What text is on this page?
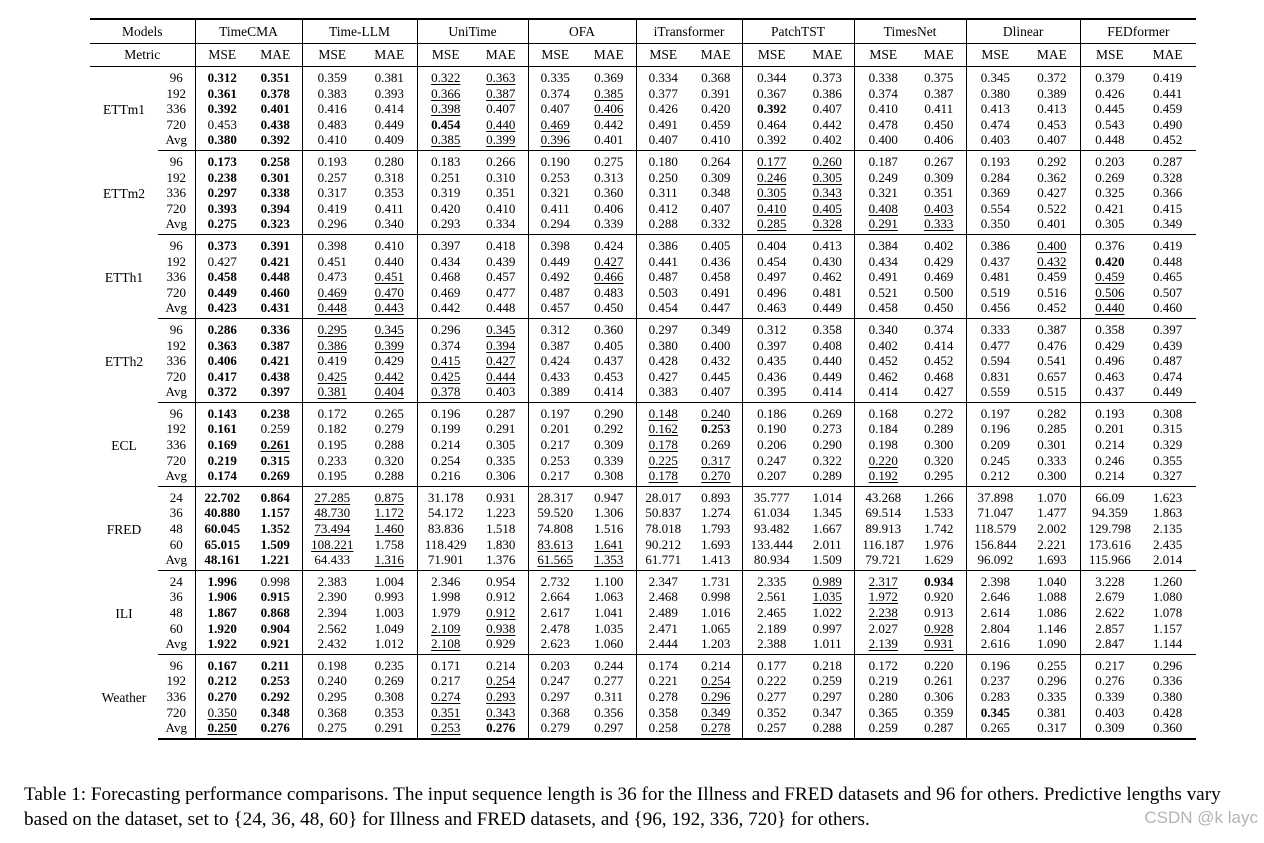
Models		TimeCMA		Time-LLM		UniTime		OFA		iTransformer		PatchTST		TimesNet		Dlinear		FEDformer	
Metric		MSE	MAE	MSE	MAE	MSE	MAE	MSE	MAE	MSE	MAE	MSE	MAE	MSE	MAE	MSE	MAE	MSE	MAE
ETTm1	96	0.312	0.351	0.359	0.381	0.322	0.363	0.335	0.369	0.334	0.368	0.344	0.373	0.338	0.375	0.345	0.372	0.379	0.419
	192	0.361	0.378	0.383	0.393	0.366	0.387	0.374	0.385	0.377	0.391	0.367	0.386	0.374	0.387	0.380	0.389	0.426	0.441
	336	0.392	0.401	0.416	0.414	0.398	0.407	0.407	0.406	0.426	0.420	0.392	0.407	0.410	0.411	0.413	0.413	0.445	0.459
	720	0.453	0.438	0.483	0.449	0.454	0.440	0.469	0.442	0.491	0.459	0.464	0.442	0.478	0.450	0.474	0.453	0.543	0.490
	Avg	0.380	0.392	0.410	0.409	0.385	0.399	0.396	0.401	0.407	0.410	0.392	0.402	0.400	0.406	0.403	0.407	0.448	0.452
ETTm2	96	0.173	0.258	0.193	0.280	0.183	0.266	0.190	0.275	0.180	0.264	0.177	0.260	0.187	0.267	0.193	0.292	0.203	0.287
	192	0.238	0.301	0.257	0.318	0.251	0.310	0.253	0.313	0.250	0.309	0.246	0.305	0.249	0.309	0.284	0.362	0.269	0.328
	336	0.297	0.338	0.317	0.353	0.319	0.351	0.321	0.360	0.311	0.348	0.305	0.343	0.321	0.351	0.369	0.427	0.325	0.366
	720	0.393	0.394	0.419	0.411	0.420	0.410	0.411	0.406	0.412	0.407	0.410	0.405	0.408	0.403	0.554	0.522	0.421	0.415
	Avg	0.275	0.323	0.296	0.340	0.293	0.334	0.294	0.339	0.288	0.332	0.285	0.328	0.291	0.333	0.350	0.401	0.305	0.349
ETTh1	96	0.373	0.391	0.398	0.410	0.397	0.418	0.398	0.424	0.386	0.405	0.404	0.413	0.384	0.402	0.386	0.400	0.376	0.419
	192	0.427	0.421	0.451	0.440	0.434	0.439	0.449	0.427	0.441	0.436	0.454	0.430	0.434	0.429	0.437	0.432	0.420	0.448
	336	0.458	0.448	0.473	0.451	0.468	0.457	0.492	0.466	0.487	0.458	0.497	0.462	0.491	0.469	0.481	0.459	0.459	0.465
	720	0.449	0.460	0.469	0.470	0.469	0.477	0.487	0.483	0.503	0.491	0.496	0.481	0.521	0.500	0.519	0.516	0.506	0.507
	Avg	0.423	0.431	0.448	0.443	0.442	0.448	0.457	0.450	0.454	0.447	0.463	0.449	0.458	0.450	0.456	0.452	0.440	0.460
ETTh2	96	0.286	0.336	0.295	0.345	0.296	0.345	0.312	0.360	0.297	0.349	0.312	0.358	0.340	0.374	0.333	0.387	0.358	0.397
	192	0.363	0.387	0.386	0.399	0.374	0.394	0.387	0.405	0.380	0.400	0.397	0.408	0.402	0.414	0.477	0.476	0.429	0.439
	336	0.406	0.421	0.419	0.429	0.415	0.427	0.424	0.437	0.428	0.432	0.435	0.440	0.452	0.452	0.594	0.541	0.496	0.487
	720	0.417	0.438	0.425	0.442	0.425	0.444	0.433	0.453	0.427	0.445	0.436	0.449	0.462	0.468	0.831	0.657	0.463	0.474
	Avg	0.372	0.397	0.381	0.404	0.378	0.403	0.389	0.414	0.383	0.407	0.395	0.414	0.414	0.427	0.559	0.515	0.437	0.449
ECL	96	0.143	0.238	0.172	0.265	0.196	0.287	0.197	0.290	0.148	0.240	0.186	0.269	0.168	0.272	0.197	0.282	0.193	0.308
	192	0.161	0.259	0.182	0.279	0.199	0.291	0.201	0.292	0.162	0.253	0.190	0.273	0.184	0.289	0.196	0.285	0.201	0.315
	336	0.169	0.261	0.195	0.288	0.214	0.305	0.217	0.309	0.178	0.269	0.206	0.290	0.198	0.300	0.209	0.301	0.214	0.329
	720	0.219	0.315	0.233	0.320	0.254	0.335	0.253	0.339	0.225	0.317	0.247	0.322	0.220	0.320	0.245	0.333	0.246	0.355
	Avg	0.174	0.269	0.195	0.288	0.216	0.306	0.217	0.308	0.178	0.270	0.207	0.289	0.192	0.295	0.212	0.300	0.214	0.327
FRED	24	22.702	0.864	27.285	0.875	31.178	0.931	28.317	0.947	28.017	0.893	35.777	1.014	43.268	1.266	37.898	1.070	66.09	1.623
	36	40.880	1.157	48.730	1.172	54.172	1.223	59.520	1.306	50.837	1.274	61.034	1.345	69.514	1.533	71.047	1.477	94.359	1.863
	48	60.045	1.352	73.494	1.460	83.836	1.518	74.808	1.516	78.018	1.793	93.482	1.667	89.913	1.742	118.579	2.002	129.798	2.135
	60	65.015	1.509	108.221	1.758	118.429	1.830	83.613	1.641	90.212	1.693	133.444	2.011	116.187	1.976	156.844	2.221	173.616	2.435
	Avg	48.161	1.221	64.433	1.316	71.901	1.376	61.565	1.353	61.771	1.413	80.934	1.509	79.721	1.629	96.092	1.693	115.966	2.014
ILI	24	1.996	0.998	2.383	1.004	2.346	0.954	2.732	1.100	2.347	1.731	2.335	0.989	2.317	0.934	2.398	1.040	3.228	1.260
	36	1.906	0.915	2.390	0.993	1.998	0.912	2.664	1.063	2.468	0.998	2.561	1.035	1.972	0.920	2.646	1.088	2.679	1.080
	48	1.867	0.868	2.394	1.003	1.979	0.912	2.617	1.041	2.489	1.016	2.465	1.022	2.238	0.913	2.614	1.086	2.622	1.078
	60	1.920	0.904	2.562	1.049	2.109	0.938	2.478	1.035	2.471	1.065	2.189	0.997	2.027	0.928	2.804	1.146	2.857	1.157
	Avg	1.922	0.921	2.432	1.012	2.108	0.929	2.623	1.060	2.444	1.203	2.388	1.011	2.139	0.931	2.616	1.090	2.847	1.144
Weather	96	0.167	0.211	0.198	0.235	0.171	0.214	0.203	0.244	0.174	0.214	0.177	0.218	0.172	0.220	0.196	0.255	0.217	0.296
	192	0.212	0.253	0.240	0.269	0.217	0.254	0.247	0.277	0.221	0.254	0.222	0.259	0.219	0.261	0.237	0.296	0.276	0.336
	336	0.270	0.292	0.295	0.308	0.274	0.293	0.297	0.311	0.278	0.296	0.277	0.297	0.280	0.306	0.283	0.335	0.339	0.380
	720	0.350	0.348	0.368	0.353	0.351	0.343	0.368	0.356	0.358	0.349	0.352	0.347	0.365	0.359	0.345	0.381	0.403	0.428
	Avg	0.250	0.276	0.275	0.291	0.253	0.276	0.279	0.297	0.258	0.278	0.257	0.288	0.259	0.287	0.265	0.317	0.309	0.360
Table 1: Forecasting performance comparisons. The input sequence length is 36 for the Illness and FRED datasets and 96 for others. Predictive lengths vary based on the dataset, set to {24, 36, 48, 60} for Illness and FRED datasets, and {96, 192, 336, 720} for others.	CSDN @k layc
